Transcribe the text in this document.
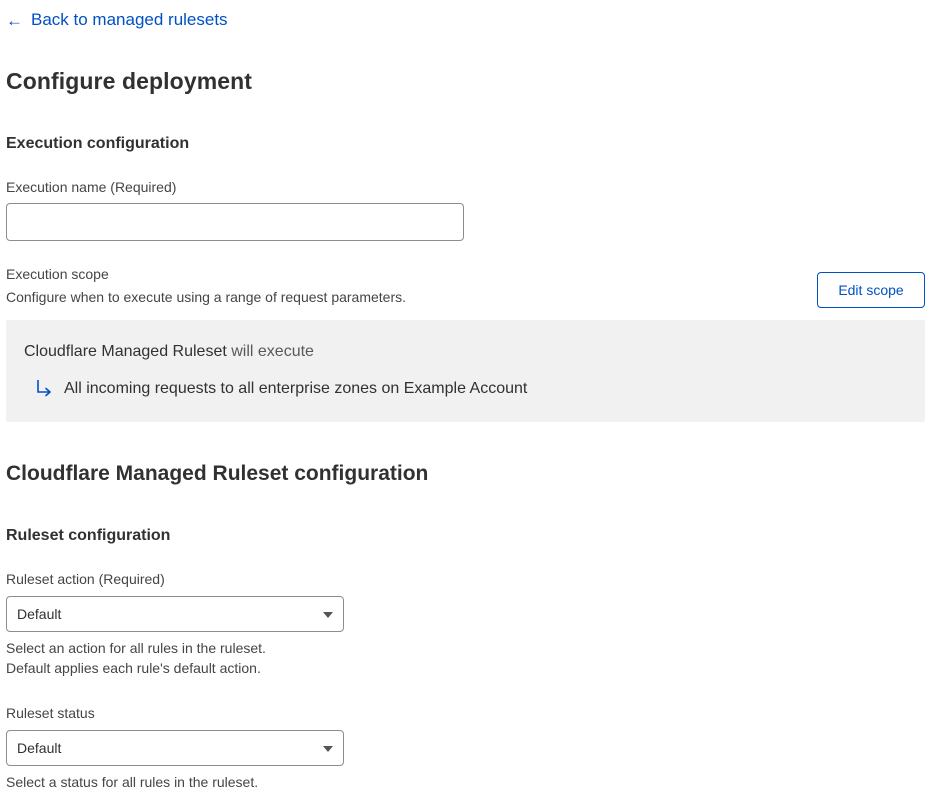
← Back to managed rulesets
Configure deployment
Execution configuration
Execution name (Required)
Execution scope
Configure when to execute using a range of request parameters.	Edit scope
Cloudflare Managed Ruleset will execute
All incoming requests to all enterprise zones on Example Account
Cloudflare Managed Ruleset configuration
Ruleset configuration
Ruleset action (Required)
Default
Select an action for all rules in the ruleset.
Default applies each rule's default action.
Ruleset status
Default
Select a status for all rules in the ruleset.
